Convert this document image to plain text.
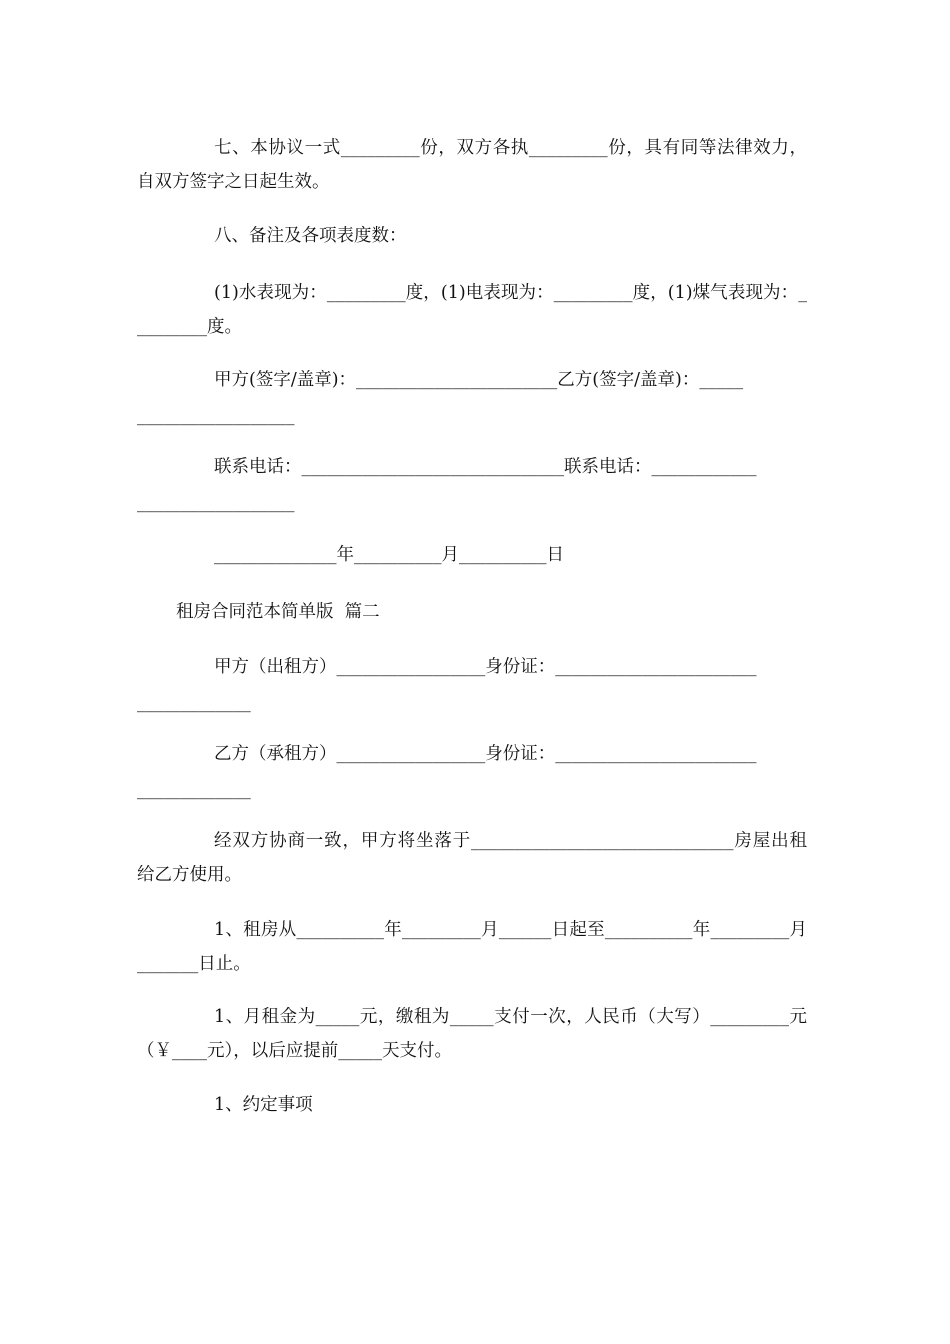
七、本协议一式_________份，双方各执_________份，具有同等法律效力，自双方签字之日起生效。
八、备注及各项表度数：
(1)水表现为：_________度，(1)电表现为：_________度，(1)煤气表现为：_________度。
甲方(签字/盖章)：_______________________乙方(签字/盖章)：_____
__________________
联系电话：______________________________联系电话：____________
__________________
______________年__________月__________日
租房合同范本简单版  篇二
甲方（出租方）_________________身份证：_______________________
_____________
乙方（承租方）_________________身份证：_______________________
_____________
经双方协商一致，甲方将坐落于______________________________房屋出租给乙方使用。
1、租房从__________年_________月______日起至__________年_________月_______日止。
1、月租金为_____元，缴租为_____支付一次，人民币（大写）_________元（￥____元），以后应提前_____天支付。
1、约定事项
